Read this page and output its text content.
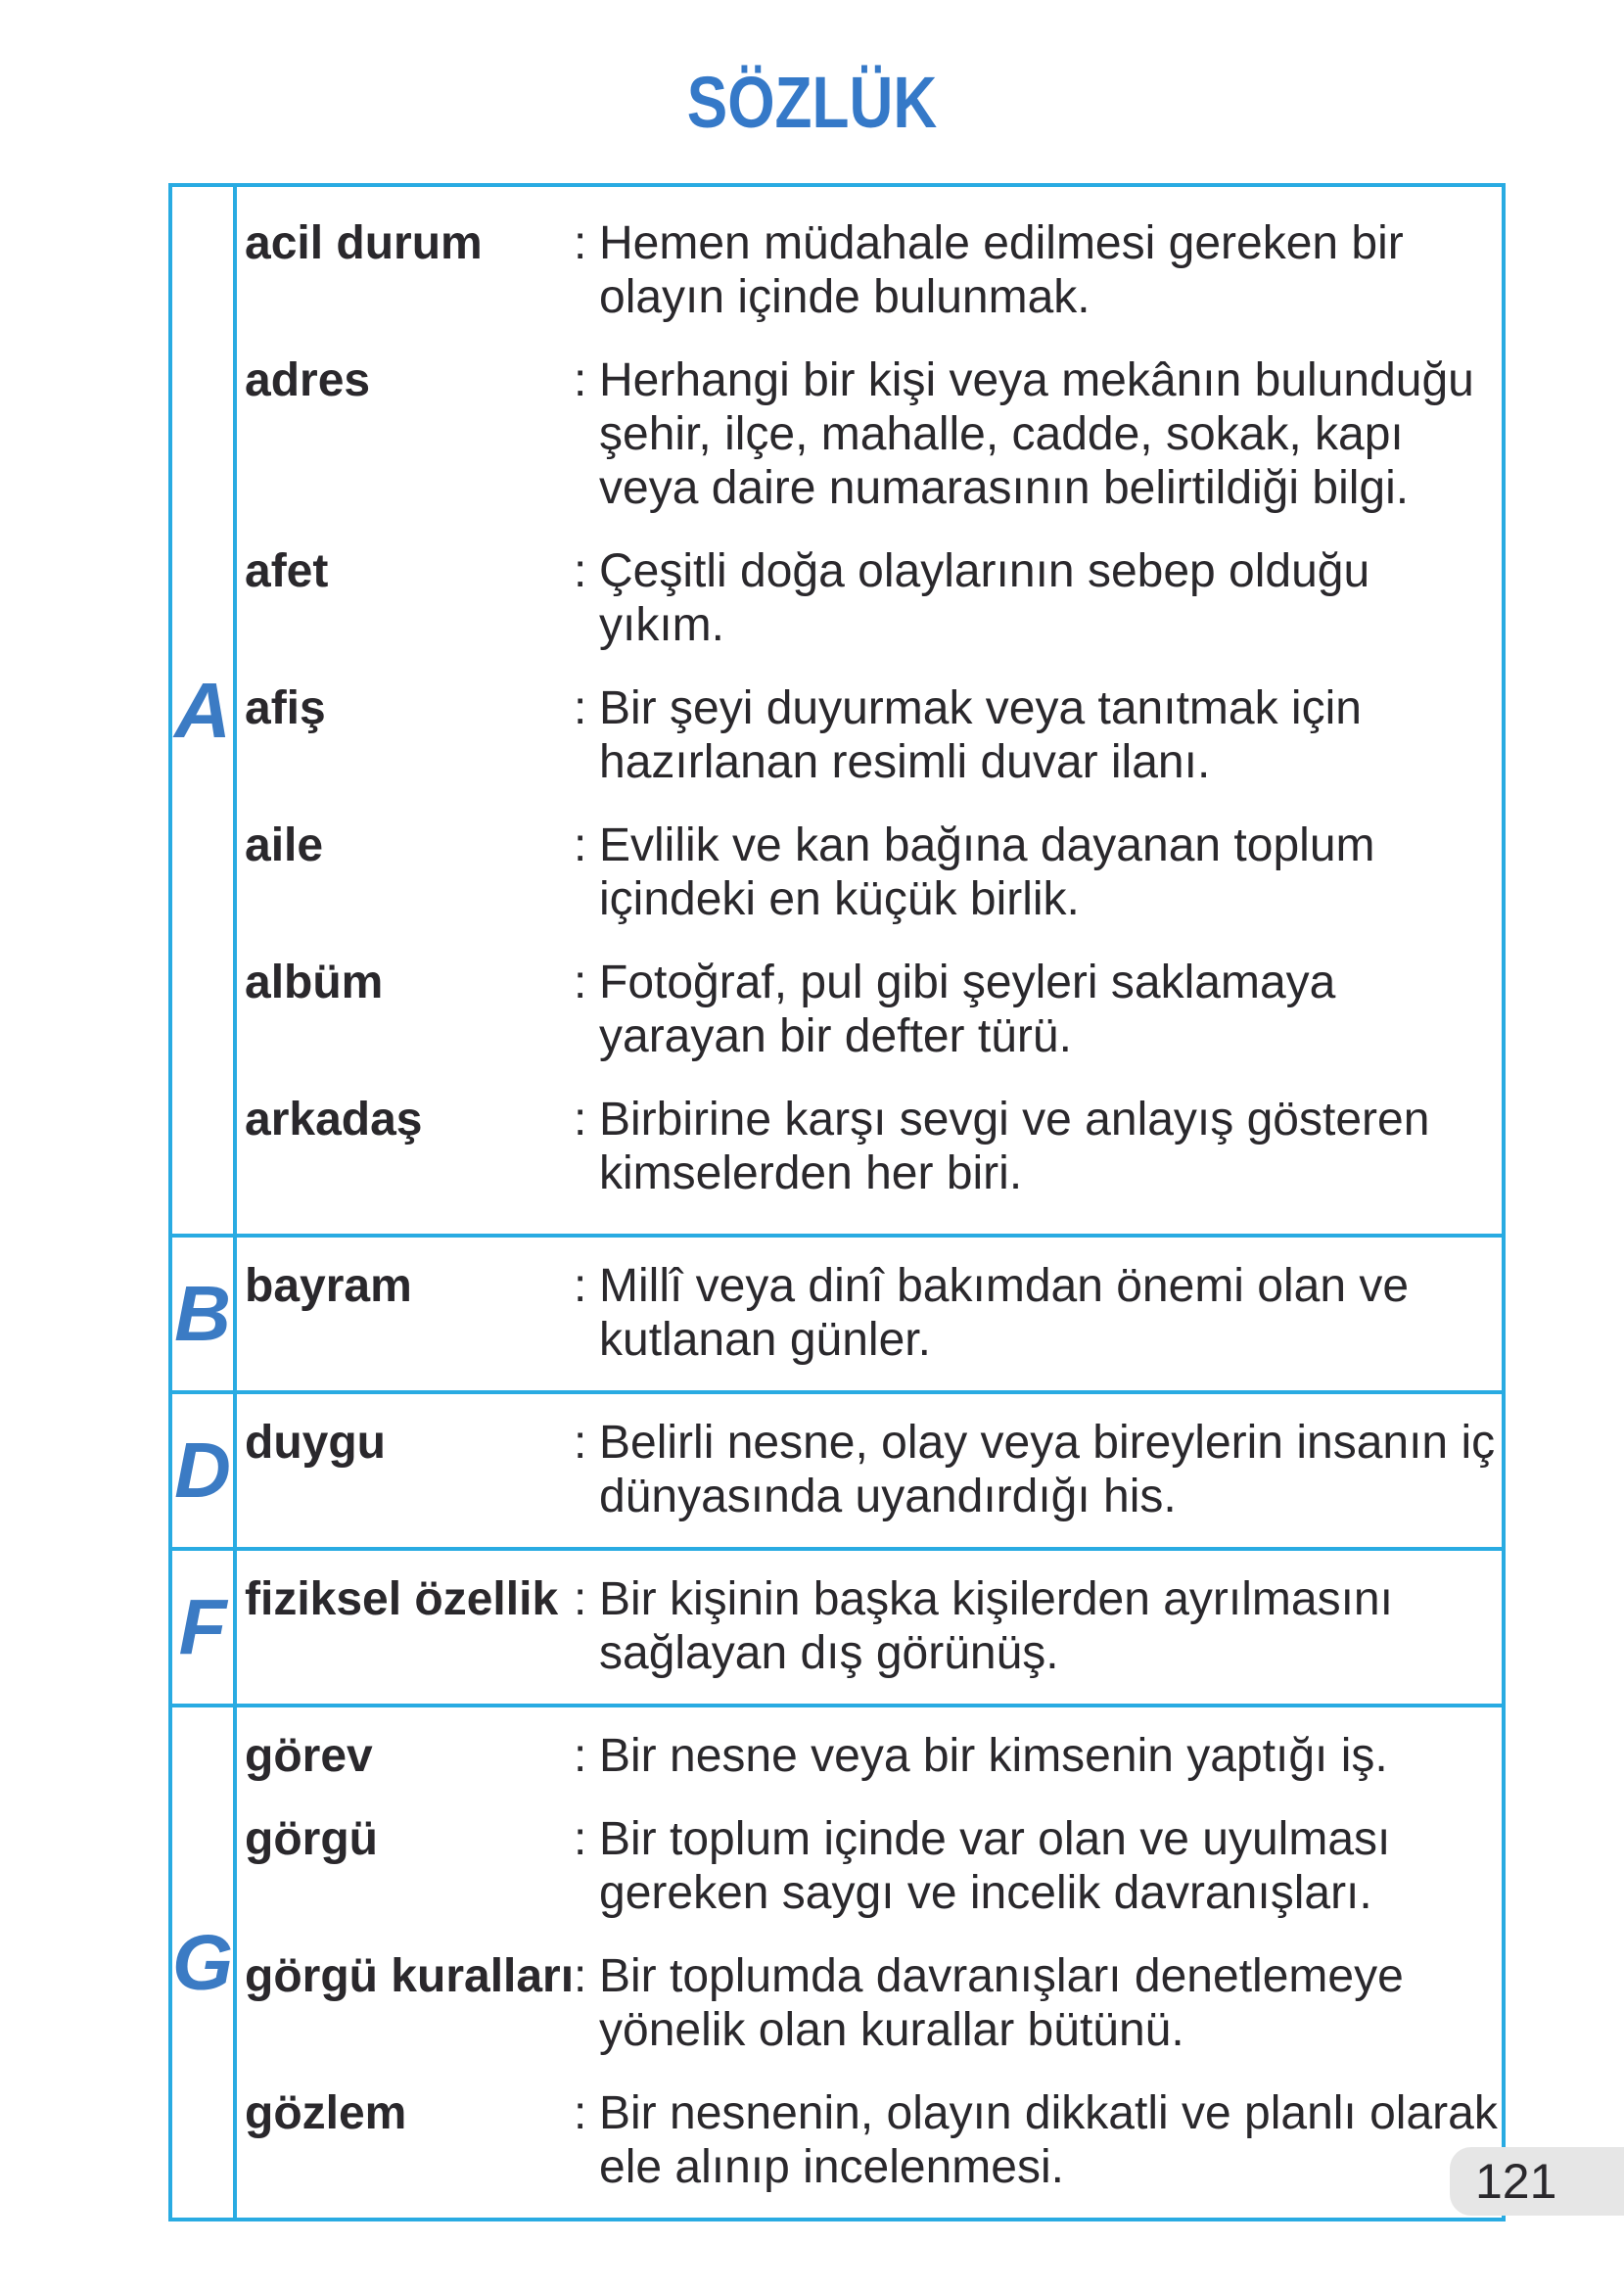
SÖZLÜK
A
acil durum	: Hemen müdahale edilmesi gereken bir olayın içinde bulunmak.
adres	: Herhangi bir kişi veya mekânın bulunduğu şehir, ilçe, mahalle, cadde, sokak, kapı veya daire numarasının belirtildiği bilgi.
afet	: Çeşitli doğa olaylarının sebep olduğu yıkım.
afiş	: Bir şeyi duyurmak veya tanıtmak için hazırlanan resimli duvar ilanı.
aile	: Evlilik ve kan bağına dayanan toplum içindeki en küçük birlik.
albüm	: Fotoğraf, pul gibi şeyleri saklamaya yarayan bir defter türü.
arkadaş	: Birbirine karşı sevgi ve anlayış gösteren kimselerden her biri.
B bayram	: Millî veya dinî bakımdan önemi olan ve kutlanan günler.
D duygu	: Belirli nesne, olay veya bireylerin insanın iç dünyasında uyandırdığı his.
F fiziksel özellik : Bir kişinin başka kişilerden ayrılmasını sağlayan dış görünüş.
G
görev	: Bir nesne veya bir kimsenin yaptığı iş.
görgü	: Bir toplum içinde var olan ve uyulması gereken saygı ve incelik davranışları.
görgü kuralları : Bir toplumda davranışları denetlemeye yönelik olan kurallar bütünü.
gözlem	: Bir nesnenin, olayın dikkatli ve planlı olarak ele alınıp incelenmesi.	121
